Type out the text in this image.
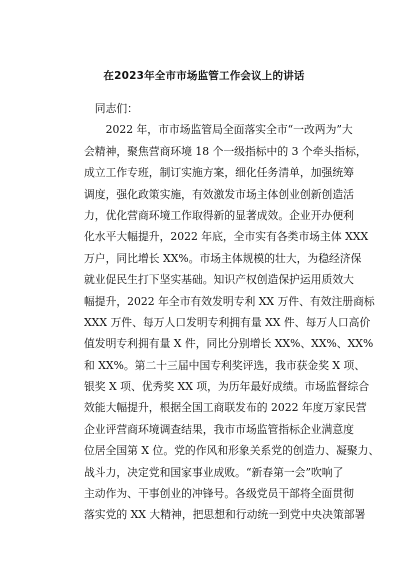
在2023年全市市场监管工作会议上的讲话
同志们：
2022 年，市市场监管局全面落实全市“一改两为”大
会精神，聚焦营商环境 18 个一级指标中的 3 个牵头指标，
成立工作专班，制订实施方案，细化任务清单，加强统筹
调度，强化政策实施，有效激发市场主体创业创新创造活
力，优化营商环境工作取得新的显著成效。企业开办便利
化水平大幅提升，2022 年底，全市实有各类市场主体 XXX
万户，同比增长 XX%。市场主体规模的壮大，为稳经济保
就业促民生打下坚实基础。知识产权创造保护运用质效大
幅提升，2022 年全市有效发明专利 XX 万件、有效注册商标
XXX 万件、每万人口发明专利拥有量 XX 件、每万人口高价
值发明专利拥有量 X 件，同比分别增长 XX%、XX%、XX%
和 XX%。第二十三届中国专利奖评选，我市获金奖 X 项、
银奖 X 项、优秀奖 XX 项，为历年最好成绩。市场监督综合
效能大幅提升，根据全国工商联发布的 2022 年度万家民营
企业评营商环境调查结果，我市市场监管指标企业满意度
位居全国第 X 位。党的作风和形象关系党的创造力、凝聚力、
战斗力，决定党和国家事业成败。“新春第一会”吹响了
主动作为、干事创业的冲锋号。各级党员干部将全面贯彻
落实党的 XX 大精神，把思想和行动统一到党中央决策部署
